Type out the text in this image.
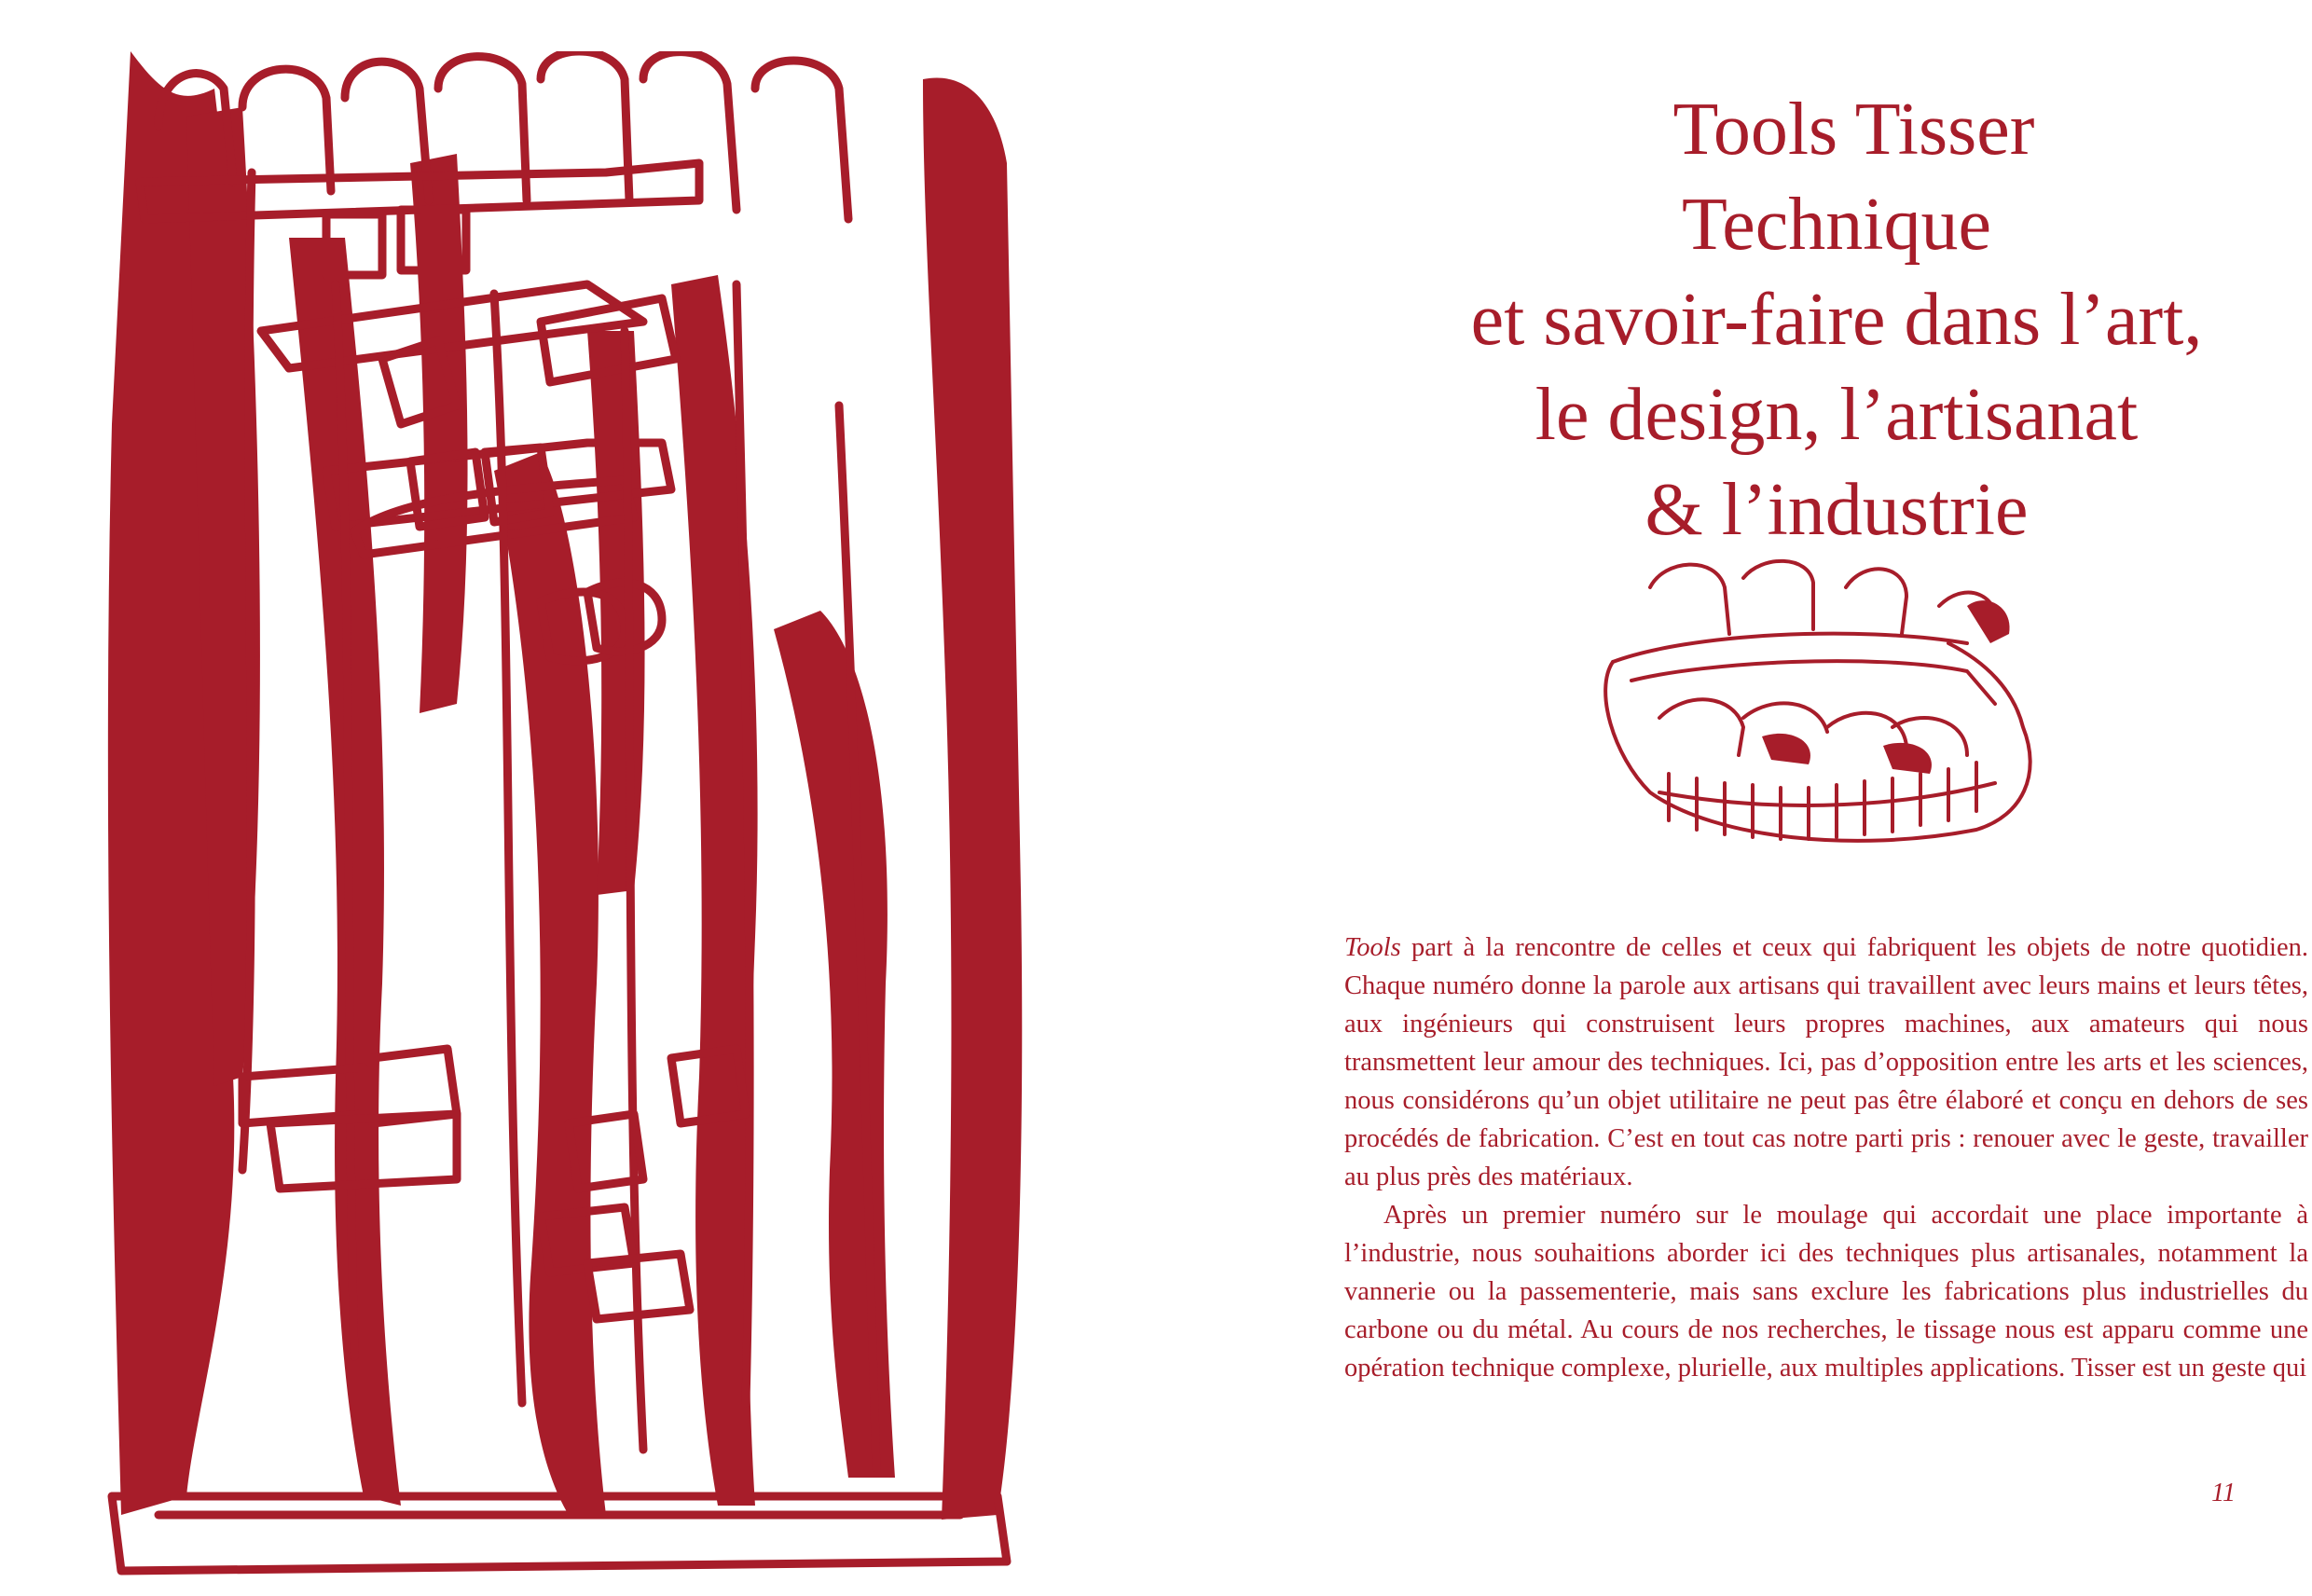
Tools Tisser
Technique
et savoir-faire dans l’art,
le design, l’artisanat
& l’industrie

Tools part à la rencontre de celles et ceux qui fabriquent les objets de notre quotidien. Chaque numéro donne la parole aux artisans qui travaillent avec leurs mains et leurs têtes, aux ingénieurs qui construisent leurs propres machines, aux amateurs qui nous transmettent leur amour des techniques. Ici, pas d’opposition entre les arts et les sciences, nous considérons qu’un objet utilitaire ne peut pas être élaboré et conçu en dehors de ses procédés de fabrication. C’est en tout cas notre parti pris : renouer avec le geste, travailler au plus près des matériaux.

Après un premier numéro sur le moulage qui accordait une place importante à l’industrie, nous souhaitions aborder ici des techniques plus artisanales, notamment la vannerie ou la passementerie, mais sans exclure les fabrications plus industrielles du carbone ou du métal. Au cours de nos recherches, le tissage nous est apparu comme une opération technique complexe, plurielle, aux multiples applications. Tisser est un geste qui

11
